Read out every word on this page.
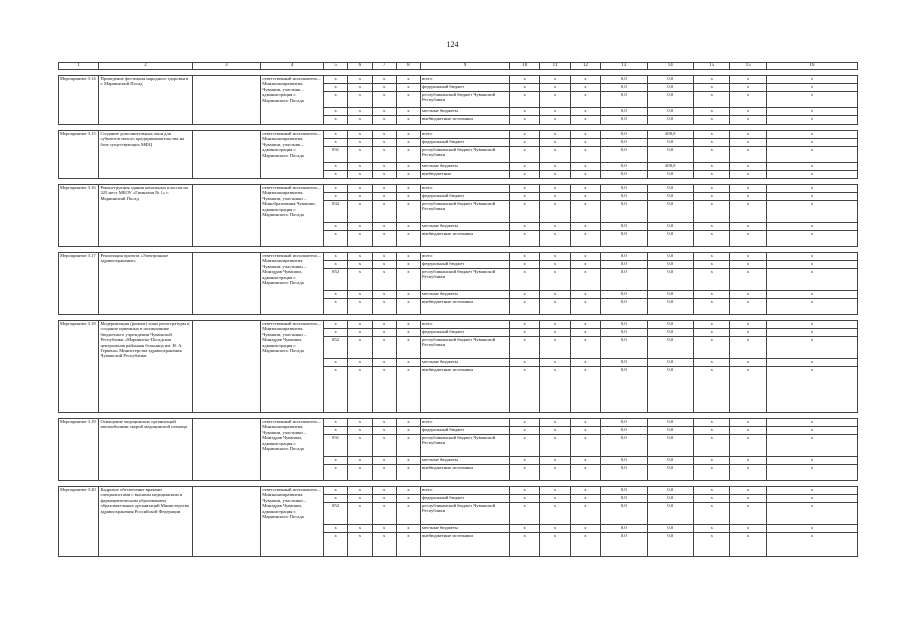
124
1	2	3	4	5	6	7	8	9	10	11	12	13	14	15	15	16

Мероприятие 3.14	Проведение фестиваля народного здоровья в г. Мариинский Посад		ответственный исполнитель – Минэкономразвития Чувашии, участник – администрация г. Мариинского Посада	x	x	x	x	всего	x	x	x	0,0	0,0	x	x	x
				x	x	x	x	федеральный бюджет	x	x	x	0,0	0,0	x	x	x
				x	x	x	x	республиканский бюджет Чувашской Республики	x	x	x	0,0	0,0	x	x	x
				x	x	x	x	местные бюджеты	x	x	x	0,0	0,0	x	x	x
				x	x	x	x	внебюджетные источники	x	x	x	0,0	0,0	x	x	x

Мероприятие 3.15	Создание дополнительных окон для субъектов малого предпринимательства на базе существующих МФЦ		ответственный исполнитель – Минэкономразвития Чувашии, участник – администрация г. Мариинского Посада	x	x	x	x	всего	x	x	x	0,0	200,0	x	x	x
				x	x	x	x	федеральный бюджет	x	x	x	0,0	0,0	x	x	x
				831	x	x	x	республиканский бюджет Чувашской Республики	x	x	x	0,0	0,0	x	x	x
				x	x	x	x	местные бюджеты	x	x	x	0,0	200,0	x	x	x
				x	x	x	x	внебюджетные	x	x	x	0,0	0,0	x	x	x

Мероприятие 3.16	Реконструкция здания начальных классов на 325 мест МБОУ «Гимназия № 1» г. Мариинский Посад		ответственный исполнитель – Минэкономразвития Чувашии, участники – Минобразования Чувашии, администрация г. Мариинского Посада	x	x	x	x	всего	x	x	x	0,0	0,0	x	x	x
				x	x	x	x	федеральный бюджет	x	x	x	0,0	0,0	x	x	x
				832	x	x	x	республиканский бюджет Чувашской Республики	x	x	x	0,0	0,0	x	x	x
				x	x	x	x	местные бюджеты	x	x	x	0,0	0,0	x	x	x
				x	x	x	x	внебюджетные источники	x	x	x	0,0	0,0	x	x	x

Мероприятие 3.17	Реализация проекта «Электронное здравоохранение»		ответственный исполнитель – Минэкономразвития Чувашии, участники – Минздрав Чувашии, администрация г. Мариинского Посада	x	x	x	x	всего	x	x	x	0,0	0,0	x	x	x
				x	x	x	x	федеральный бюджет	x	x	x	0,0	0,0	x	x	x
				852	x	x	x	республиканский бюджет Чувашской Республики	x	x	x	0,0	0,0	x	x	x
				x	x	x	x	местные бюджеты	x	x	x	0,0	0,0	x	x	x
				x	x	x	x	внебюджетные источники	x	x	x	0,0	0,0	x	x	x

Мероприятие 3.18	Модернизация (ремонт) зоны регистратуры и создание приемных в поликлинике бюджетного учреждения Чувашской Республики «Мариинско-Посадская центральная районная больница им. Н. А. Геркена» Министерства здравоохранения Чувашской Республики		ответственный исполнитель – Минэкономразвития Чувашии, участники – Минздрав Чувашии, администрация г. Мариинского Посада	x	x	x	x	всего	x	x	x	0,0	0,0	x	x	x
				x	x	x	x	федеральный бюджет	x	x	x	0,0	0,0	x	x	x
				852	x	x	x	республиканский бюджет Чувашской Республики	x	x	x	0,0	0,0	x	x	x
				x	x	x	x	местные бюджеты	x	x	x	0,0	0,0	x	x	x
				x	x	x	x	внебюджетные источники	x	x	x	0,0	0,0	x	x	x

Мероприятие 3.19	Оснащение медицинских организаций автомобилями скорой медицинской помощи		ответственный исполнитель – Минэкономразвития Чувашии, участники – Минздрав Чувашии, администрация г. Мариинского Посада	x	x	x	x	всего	x	x	x	0,0	0,0	x	x	x
				x	x	x	x	федеральный бюджет	x	x	x	0,0	0,0	x	x	x
				831	x	x	x	республиканский бюджет Чувашской Республики	x	x	x	0,0	0,0	x	x	x
				x	x	x	x	местные бюджеты	x	x	x	0,0	0,0	x	x	x
				x	x	x	x	внебюджетные источники	x	x	x	0,0	0,0	x	x	x

Мероприятие 3.20	Кадровое обеспечение врачами специалистами с высшим медицинским и фармацевтическим образованием образовательных организаций Министерства здравоохранения Российской Федерации		ответственный исполнитель – Минэкономразвития Чувашии, участники – Минздрав Чувашии, администрация г. Мариинского Посада	x	x	x	x	всего	x	x	x	0,0	0,0	x	x	x
				x	x	x	x	федеральный бюджет	x	x	x	0,0	0,0	x	x	x
				852	x	x	x	республиканский бюджет Чувашской Республики	x	x	x	0,0	0,0	x	x	x
				x	x	x	x	местные бюджеты	x	x	x	0,0	0,0	x	x	x
				x	x	x	x	внебюджетные источники	x	x	x	0,0	0,0	x	x	x
